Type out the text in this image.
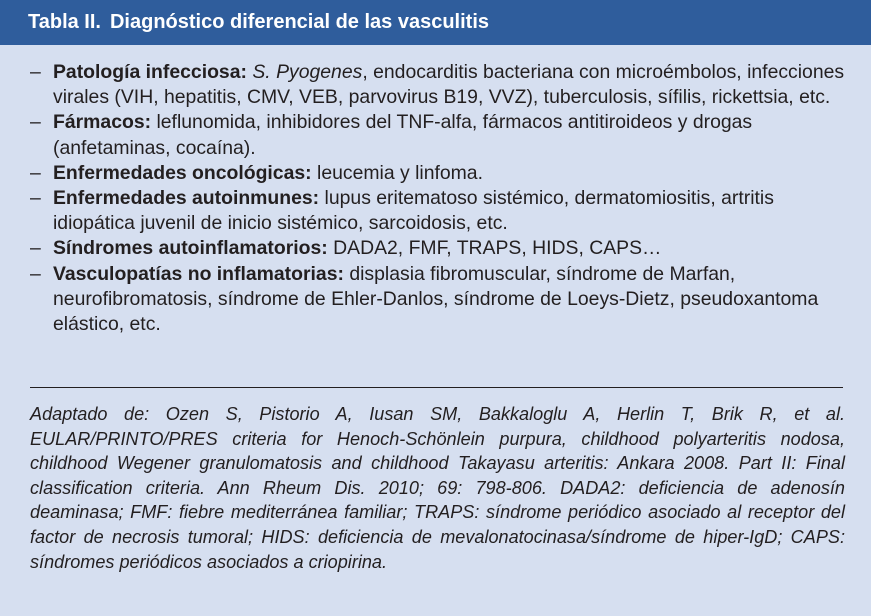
Tabla II. Diagnóstico diferencial de las vasculitis
– Patología infecciosa: S. Pyogenes, endocarditis bacteriana con microémbolos, infecciones virales (VIH, hepatitis, CMV, VEB, parvovirus B19, VVZ), tuberculosis, sífilis, rickettsia, etc.
– Fármacos: leflunomida, inhibidores del TNF-alfa, fármacos antitiroideos y drogas (anfetaminas, cocaína).
– Enfermedades oncológicas: leucemia y linfoma.
– Enfermedades autoinmunes: lupus eritematoso sistémico, dermatomiositis, artritis idiopática juvenil de inicio sistémico, sarcoidosis, etc.
– Síndromes autoinflamatorios: DADA2, FMF, TRAPS, HIDS, CAPS…
– Vasculopatías no inflamatorias: displasia fibromuscular, síndrome de Marfan, neurofibromatosis, síndrome de Ehler-Danlos, síndrome de Loeys-Dietz, pseudoxantoma elástico, etc.

Adaptado de: Ozen S, Pistorio A, Iusan SM, Bakkaloglu A, Herlin T, Brik R, et al. EULAR/PRINTO/PRES criteria for Henoch-Schönlein purpura, childhood polyarteritis nodosa, childhood Wegener granulomatosis and childhood Takayasu arteritis: Ankara 2008. Part II: Final classification criteria. Ann Rheum Dis. 2010; 69: 798-806. DADA2: deficiencia de adenosín deaminasa; FMF: fiebre mediterránea familiar; TRAPS: síndrome periódico asociado al receptor del factor de necrosis tumoral; HIDS: deficiencia de mevalonatocinasa/síndrome de hiper-IgD; CAPS: síndromes periódicos asociados a criopirina.
